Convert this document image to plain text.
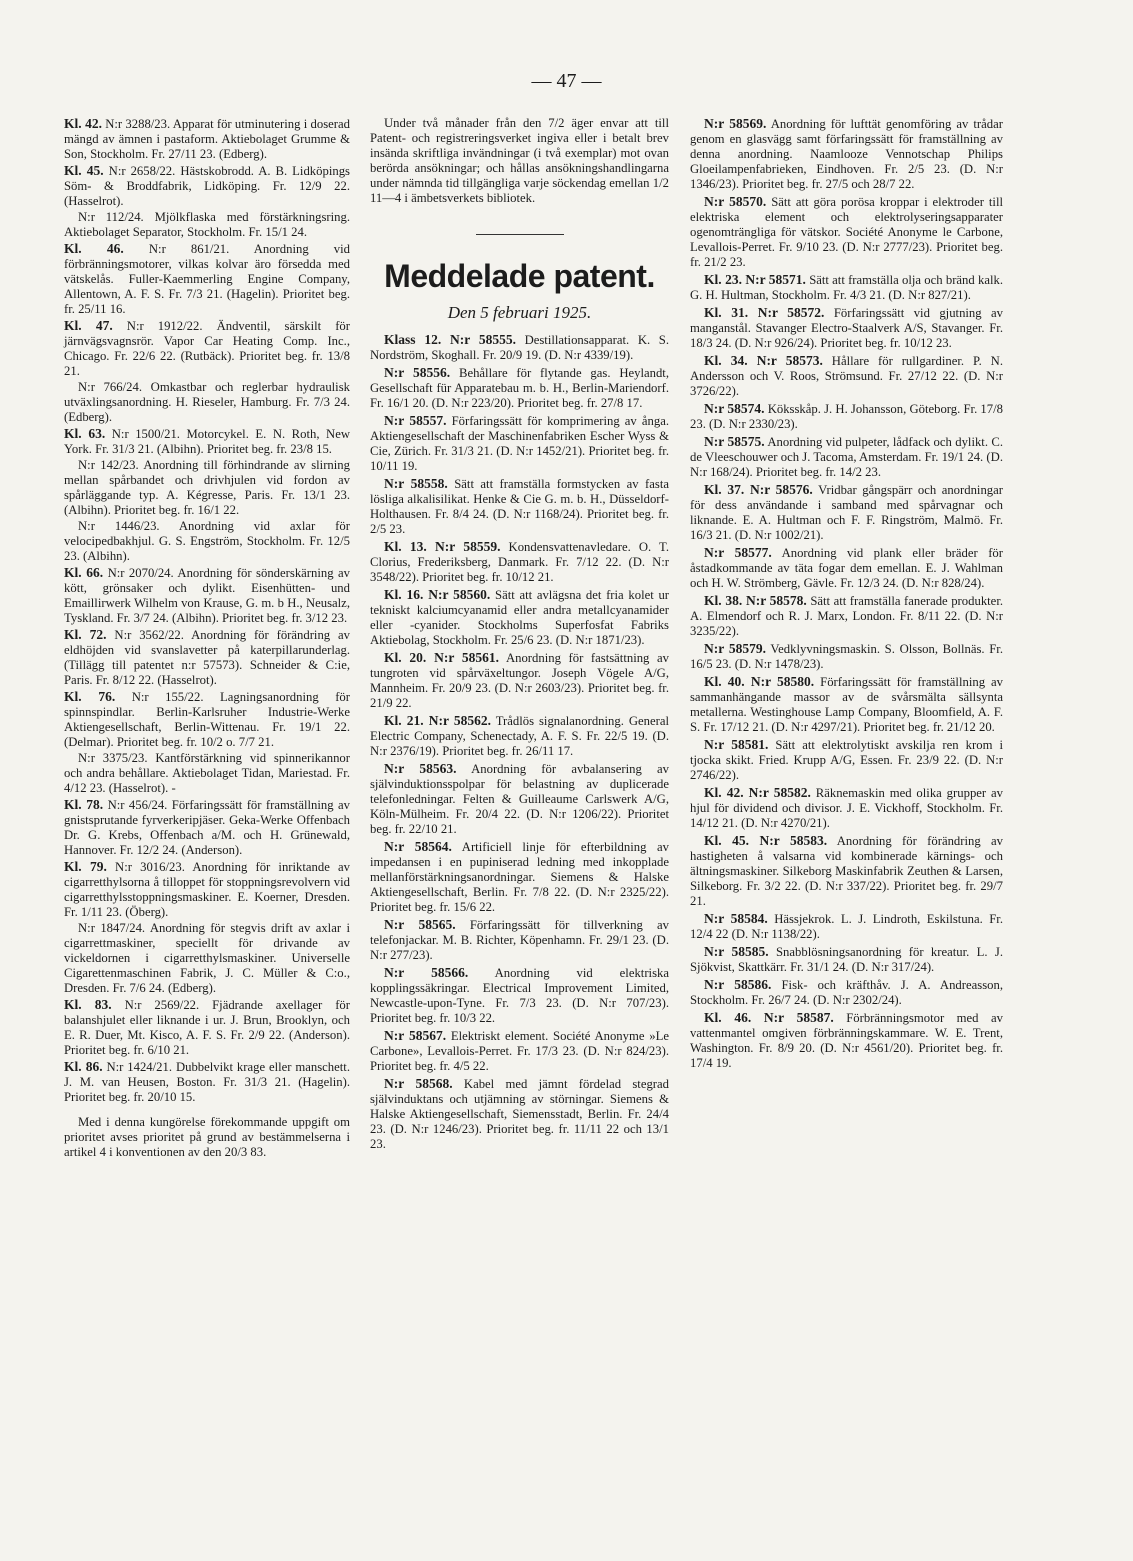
— 47 —

Kl. 42. N:r 3288/23. Apparat för utminutering i doserad mängd av ämnen i pastaform. Aktiebolaget Grumme & Son, Stockholm. Fr. 27/11 23. (Edberg).

Kl. 45. N:r 2658/22. Hästskobrodd. A. B. Lidköpings Söm- & Broddfabrik, Lidköping. Fr. 12/9 22. (Hasselrot).

N:r 112/24. Mjölkflaska med förstärkningsring. Aktiebolaget Separator, Stockholm. Fr. 15/1 24.

Kl. 46. N:r 861/21. Anordning vid förbränningsmotorer, vilkas kolvar äro försedda med vätskelås. Fuller-Kaemmerling Engine Company, Allentown, A. F. S. Fr. 7/3 21. (Hagelin). Prioritet beg. fr. 25/11 16.

Kl. 47. N:r 1912/22. Ändventil, särskilt för järnvägsvagnsrör. Vapor Car Heating Comp. Inc., Chicago. Fr. 22/6 22. (Rutbäck). Prioritet beg. fr. 13/8 21.

N:r 766/24. Omkastbar och reglerbar hydraulisk utväxlingsanordning. H. Rieseler, Hamburg. Fr. 7/3 24. (Edberg).

Kl. 63. N:r 1500/21. Motorcykel. E. N. Roth, New York. Fr. 31/3 21. (Albihn). Prioritet beg. fr. 23/8 15.

N:r 142/23. Anordning till förhindrande av slirning mellan spårbandet och drivhjulen vid fordon av spårläggande typ. A. Kégresse, Paris. Fr. 13/1 23. (Albihn). Prioritet beg. fr. 16/1 22.

N:r 1446/23. Anordning vid axlar för velocipedbakhjul. G. S. Engström, Stockholm. Fr. 12/5 23. (Albihn).

Kl. 66. N:r 2070/24. Anordning för sönderskärning av kött, grönsaker och dylikt. Eisenhütten- und Emaillirwerk Wilhelm von Krause, G. m. b H., Neusalz, Tyskland. Fr. 3/7 24. (Albihn). Prioritet beg. fr. 3/12 23.

Kl. 72. N:r 3562/22. Anordning för förändring av eldhöjden vid svanslavetter på katerpillarunderlag. (Tillägg till patentet n:r 57573). Schneider & C:ie, Paris. Fr. 8/12 22. (Hasselrot).

Kl. 76. N:r 155/22. Lagningsanordning för spinnspindlar. Berlin-Karlsruher Industrie-Werke Aktiengesellschaft, Berlin-Wittenau. Fr. 19/1 22. (Delmar). Prioritet beg. fr. 10/2 o. 7/7 21.

N:r 3375/23. Kantförstärkning vid spinnerikannor och andra behållare. Aktiebolaget Tidan, Mariestad. Fr. 4/12 23. (Hasselrot). -

Kl. 78. N:r 456/24. Förfaringssätt för framställning av gnistsprutande fyrverkeripjäser. Geka-Werke Offenbach Dr. G. Krebs, Offenbach a/M. och H. Grünewald, Hannover. Fr. 12/2 24. (Anderson).

Kl. 79. N:r 3016/23. Anordning för inriktande av cigarretthylsorna å tilloppet för stoppningsrevolvern vid cigarretthylsstoppningsmaskiner. E. Koerner, Dresden. Fr. 1/11 23. (Öberg).

N:r 1847/24. Anordning för stegvis drift av axlar i cigarrettmaskiner, speciellt för drivande av vickeldornen i cigarretthylsmaskiner. Universelle Cigarettenmaschinen Fabrik, J. C. Müller & C:o., Dresden. Fr. 7/6 24. (Edberg).

Kl. 83. N:r 2569/22. Fjädrande axellager för balanshjulet eller liknande i ur. J. Brun, Brooklyn, och E. R. Duer, Mt. Kisco, A. F. S. Fr. 2/9 22. (Anderson). Prioritet beg. fr. 6/10 21.

Kl. 86. N:r 1424/21. Dubbelvikt krage eller manschett. J. M. van Heusen, Boston. Fr. 31/3 21. (Hagelin). Prioritet beg. fr. 20/10 15.

Med i denna kungörelse förekommande uppgift om prioritet avses prioritet på grund av bestämmelserna i artikel 4 i konventionen av den 20/3 83.

Under två månader från den 7/2 äger envar att till Patent- och registreringsverket ingiva eller i betalt brev insända skriftliga invändningar (i två exemplar) mot ovan berörda ansökningar; och hållas ansökningshandlingarna under nämnda tid tillgängliga varje söckendag emellan 1/2 11—4 i ämbetsverkets bibliotek.

Meddelade patent.
Den 5 februari 1925.

Klass 12. N:r 58555. Destillationsapparat. K. S. Nordström, Skoghall. Fr. 20/9 19. (D. N:r 4339/19).

N:r 58556. Behållare för flytande gas. Heylandt, Gesellschaft für Apparatebau m. b. H., Berlin-Mariendorf. Fr. 16/1 20. (D. N:r 223/20). Prioritet beg. fr. 27/8 17.

N:r 58557. Förfaringssätt för komprimering av ånga. Aktiengesellschaft der Maschinenfabriken Escher Wyss & Cie, Zürich. Fr. 31/3 21. (D. N:r 1452/21). Prioritet beg. fr. 10/11 19.

N:r 58558. Sätt att framställa formstycken av fasta lösliga alkalisilikat. Henke & Cie G. m. b. H., Düsseldorf-Holthausen. Fr. 8/4 24. (D. N:r 1168/24). Prioritet beg. fr. 2/5 23.

Kl. 13. N:r 58559. Kondensvattenavledare. O. T. Clorius, Frederiksberg, Danmark. Fr. 7/12 22. (D. N:r 3548/22). Prioritet beg. fr. 10/12 21.

Kl. 16. N:r 58560. Sätt att avlägsna det fria kolet ur tekniskt kalciumcyanamid eller andra metallcyanamider eller -cyanider. Stockholms Superfosfat Fabriks Aktiebolag, Stockholm. Fr. 25/6 23. (D. N:r 1871/23).

Kl. 20. N:r 58561. Anordning för fastsättning av tungroten vid spårväxeltungor. Joseph Vögele A/G, Mannheim. Fr. 20/9 23. (D. N:r 2603/23). Prioritet beg. fr. 21/9 22.

Kl. 21. N:r 58562. Trådlös signalanordning. General Electric Company, Schenectady, A. F. S. Fr. 22/5 19. (D. N:r 2376/19). Prioritet beg. fr. 26/11 17.

N:r 58563. Anordning för avbalansering av självinduktionsspolpar för belastning av duplicerade telefonledningar. Felten & Guilleaume Carlswerk A/G, Köln-Mülheim. Fr. 20/4 22. (D. N:r 1206/22). Prioritet beg. fr. 22/10 21.

N:r 58564. Artificiell linje för efterbildning av impedansen i en pupiniserad ledning med inkopplade mellanförstärkningsanordningar. Siemens & Halske Aktiengesellschaft, Berlin. Fr. 7/8 22. (D. N:r 2325/22). Prioritet beg. fr. 15/6 22.

N:r 58565. Förfaringssätt för tillverkning av telefonjackar. M. B. Richter, Köpenhamn. Fr. 29/1 23. (D. N:r 277/23).

N:r 58566. Anordning vid elektriska kopplingssäkringar. Electrical Improvement Limited, Newcastle-upon-Tyne. Fr. 7/3 23. (D. N:r 707/23). Prioritet beg. fr. 10/3 22.

N:r 58567. Elektriskt element. Société Anonyme »Le Carbone», Levallois-Perret. Fr. 17/3 23. (D. N:r 824/23). Prioritet beg. fr. 4/5 22.

N:r 58568. Kabel med jämnt fördelad stegrad självinduktans och utjämning av störningar. Siemens & Halske Aktiengesellschaft, Siemensstadt, Berlin. Fr. 24/4 23. (D. N:r 1246/23). Prioritet beg. fr. 11/11 22 och 13/1 23.

N:r 58569. Anordning för lufttät genomföring av trådar genom en glasvägg samt förfaringssätt för framställning av denna anordning. Naamlooze Vennotschap Philips Gloeilampenfabrieken, Eindhoven. Fr. 2/5 23. (D. N:r 1346/23). Prioritet beg. fr. 27/5 och 28/7 22.

N:r 58570. Sätt att göra porösa kroppar i elektroder till elektriska element och elektrolyseringsapparater ogenomträngliga för vätskor. Société Anonyme le Carbone, Levallois-Perret. Fr. 9/10 23. (D. N:r 2777/23). Prioritet beg. fr. 21/2 23.

Kl. 23. N:r 58571. Sätt att framställa olja och bränd kalk. G. H. Hultman, Stockholm. Fr. 4/3 21. (D. N:r 827/21).

Kl. 31. N:r 58572. Förfaringssätt vid gjutning av manganstål. Stavanger Electro-Staalverk A/S, Stavanger. Fr. 18/3 24. (D. N:r 926/24). Prioritet beg. fr. 10/12 23.

Kl. 34. N:r 58573. Hållare för rullgardiner. P. N. Andersson och V. Roos, Strömsund. Fr. 27/12 22. (D. N:r 3726/22).

N:r 58574. Köksskåp. J. H. Johansson, Göteborg. Fr. 17/8 23. (D. N:r 2330/23).

N:r 58575. Anordning vid pulpeter, lådfack och dylikt. C. de Vleeschouwer och J. Tacoma, Amsterdam. Fr. 19/1 24. (D. N:r 168/24). Prioritet beg. fr. 14/2 23.

Kl. 37. N:r 58576. Vridbar gångspärr och anordningar för dess användande i samband med spårvagnar och liknande. E. A. Hultman och F. F. Ringström, Malmö. Fr. 16/3 21. (D. N:r 1002/21).

N:r 58577. Anordning vid plank eller bräder för åstadkommande av täta fogar dem emellan. E. J. Wahlman och H. W. Strömberg, Gävle. Fr. 12/3 24. (D. N:r 828/24).

Kl. 38. N:r 58578. Sätt att framställa fanerade produkter. A. Elmendorf och R. J. Marx, London. Fr. 8/11 22. (D. N:r 3235/22).

N:r 58579. Vedklyvningsmaskin. S. Olsson, Bollnäs. Fr. 16/5 23. (D. N:r 1478/23).

Kl. 40. N:r 58580. Förfaringssätt för framställning av sammanhängande massor av de svårsmälta sällsynta metallerna. Westinghouse Lamp Company, Bloomfield, A. F. S. Fr. 17/12 21. (D. N:r 4297/21). Prioritet beg. fr. 21/12 20.

N:r 58581. Sätt att elektrolytiskt avskilja ren krom i tjocka skikt. Fried. Krupp A/G, Essen. Fr. 23/9 22. (D. N:r 2746/22).

Kl. 42. N:r 58582. Räknemaskin med olika grupper av hjul för dividend och divisor. J. E. Vickhoff, Stockholm. Fr. 14/12 21. (D. N:r 4270/21).

Kl. 45. N:r 58583. Anordning för förändring av hastigheten å valsarna vid kombinerade kärnings- och ältningsmaskiner. Silkeborg Maskinfabrik Zeuthen & Larsen, Silkeborg. Fr. 3/2 22. (D. N:r 337/22). Prioritet beg. fr. 29/7 21.

N:r 58584. Hässjekrok. L. J. Lindroth, Eskilstuna. Fr. 12/4 22 (D. N:r 1138/22).

N:r 58585. Snabblösningsanordning för kreatur. L. J. Sjökvist, Skattkärr. Fr. 31/1 24. (D. N:r 317/24).

N:r 58586. Fisk- och kräfthåv. J. A. Andreasson, Stockholm. Fr. 26/7 24. (D. N:r 2302/24).

Kl. 46. N:r 58587. Förbränningsmotor med av vattenmantel omgiven förbränningskammare. W. E. Trent, Washington. Fr. 8/9 20. (D. N:r 4561/20). Prioritet beg. fr. 17/4 19.
